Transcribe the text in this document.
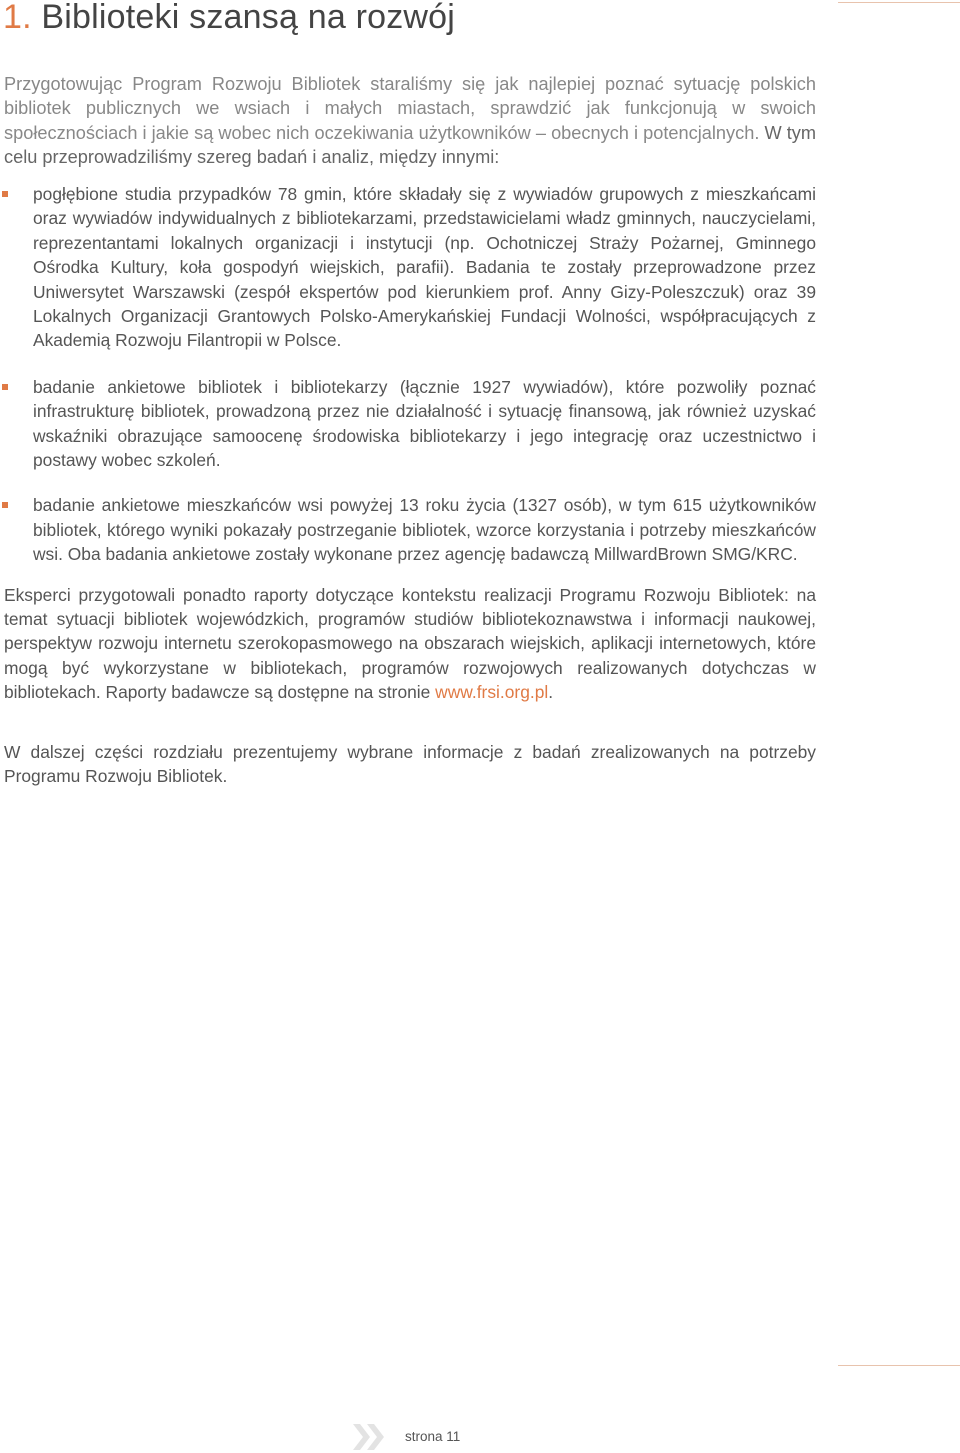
1. Biblioteki szansą na rozwój

Przygotowując Program Rozwoju Bibliotek staraliśmy się jak najlepiej poznać sytuację polskich bibliotek publicznych we wsiach i małych miastach, sprawdzić jak funkcjonują w swoich społecznościach i jakie są wobec nich oczekiwania użytkowników – obecnych i potencjalnych. W tym celu przeprowadziliśmy szereg badań i analiz, między innymi:

pogłębione studia przypadków 78 gmin, które składały się z wywiadów grupowych z mieszkańcami oraz wywiadów indywidualnych z bibliotekarzami, przedstawicielami władz gminnych, nauczycielami, reprezentantami lokalnych organizacji i instytucji (np. Ochotniczej Straży Pożarnej, Gminnego Ośrodka Kultury, koła gospodyń wiejskich, parafii). Badania te zostały przeprowadzone przez Uniwersytet Warszawski (zespół ekspertów pod kierunkiem prof. Anny Gizy-Poleszczuk) oraz 39 Lokalnych Organizacji Grantowych Polsko-Amerykańskiej Fundacji Wolności, współpracujących z Akademią Rozwoju Filantropii w Polsce.
badanie ankietowe bibliotek i bibliotekarzy (łącznie 1927 wywiadów), które pozwoliły poznać infrastrukturę bibliotek, prowadzoną przez nie działalność i sytuację finansową, jak również uzyskać wskaźniki obrazujące samoocenę środowiska bibliotekarzy i jego integrację oraz uczestnictwo i postawy wobec szkoleń.
badanie ankietowe mieszkańców wsi powyżej 13 roku życia (1327 osób), w tym 615 użytkowników bibliotek, którego wyniki pokazały postrzeganie bibliotek, wzorce korzystania i potrzeby mieszkańców wsi. Oba badania ankietowe zostały wykonane przez agencję badawczą MillwardBrown SMG/KRC.

Eksperci przygotowali ponadto raporty dotyczące kontekstu realizacji Programu Rozwoju Bibliotek: na temat sytuacji bibliotek wojewódzkich, programów studiów bibliotekoznawstwa i informacji naukowej, perspektyw rozwoju internetu szerokopasmowego na obszarach wiejskich, aplikacji internetowych, które mogą być wykorzystane w bibliotekach, programów rozwojowych realizowanych dotychczas w bibliotekach. Raporty badawcze są dostępne na stronie www.frsi.org.pl.

W dalszej części rozdziału prezentujemy wybrane informacje z badań zrealizowanych na potrzeby Programu Rozwoju Bibliotek.

strona 11
